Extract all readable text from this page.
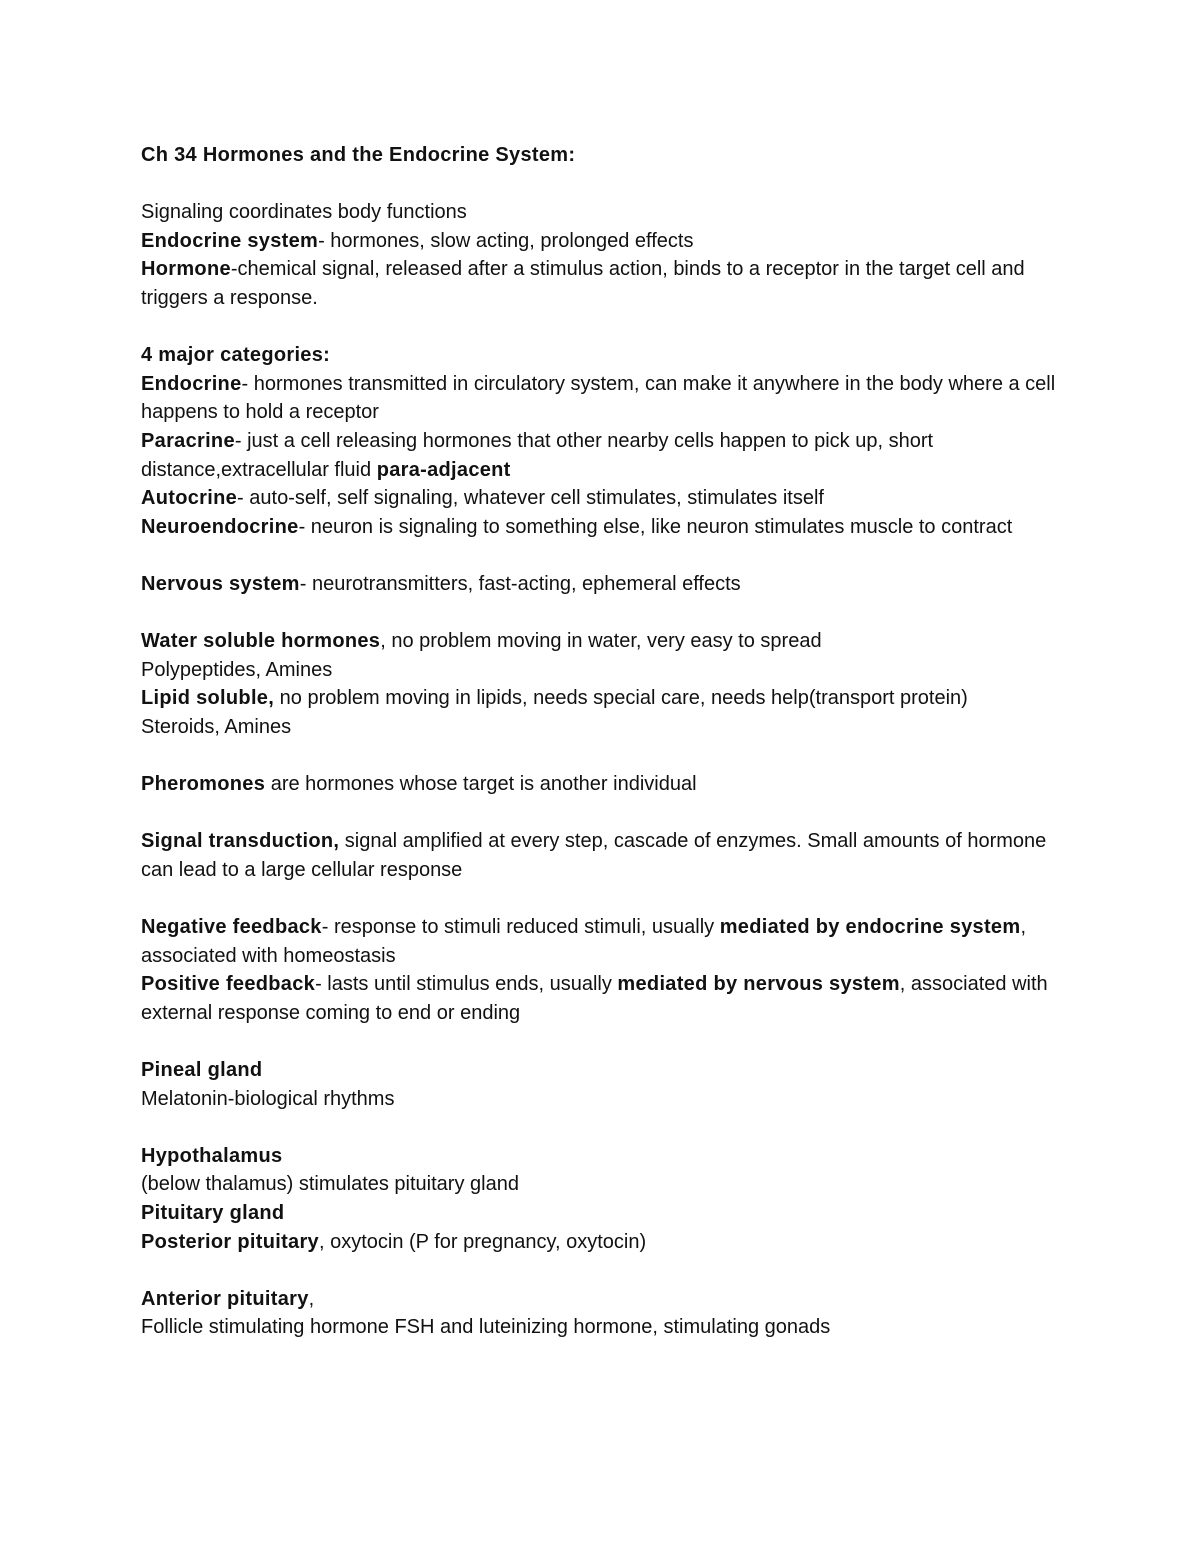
Ch 34 Hormones and the Endocrine System:

Signaling coordinates body functions

Endocrine system- hormones, slow acting, prolonged effects

Hormone-chemical signal, released after a stimulus action, binds to a receptor in the target cell and triggers a response.

4 major categories:

Endocrine- hormones transmitted in circulatory system, can make it anywhere in the body where a cell happens to hold a receptor

Paracrine- just a cell releasing hormones that other nearby cells happen to pick up, short distance,extracellular fluid para-adjacent

Autocrine- auto-self, self signaling, whatever cell stimulates, stimulates itself

Neuroendocrine- neuron is signaling to something else, like neuron stimulates muscle to contract

Nervous system- neurotransmitters, fast-acting, ephemeral effects

Water soluble hormones, no problem moving in water, very easy to spread

Polypeptides, Amines

Lipid soluble, no problem moving in lipids, needs special care, needs help(transport protein)

Steroids, Amines

Pheromones are hormones whose target is another individual

Signal transduction, signal amplified at every step, cascade of enzymes. Small amounts of hormone can lead to a large cellular response

Negative feedback- response to stimuli reduced stimuli, usually mediated by endocrine system, associated with homeostasis

Positive feedback- lasts until stimulus ends, usually mediated by nervous system, associated with external response coming to end or ending

Pineal gland

Melatonin-biological rhythms

Hypothalamus

(below thalamus) stimulates pituitary gland

Pituitary gland

Posterior pituitary, oxytocin (P for pregnancy, oxytocin)

Anterior pituitary,

Follicle stimulating hormone FSH and luteinizing hormone, stimulating gonads
